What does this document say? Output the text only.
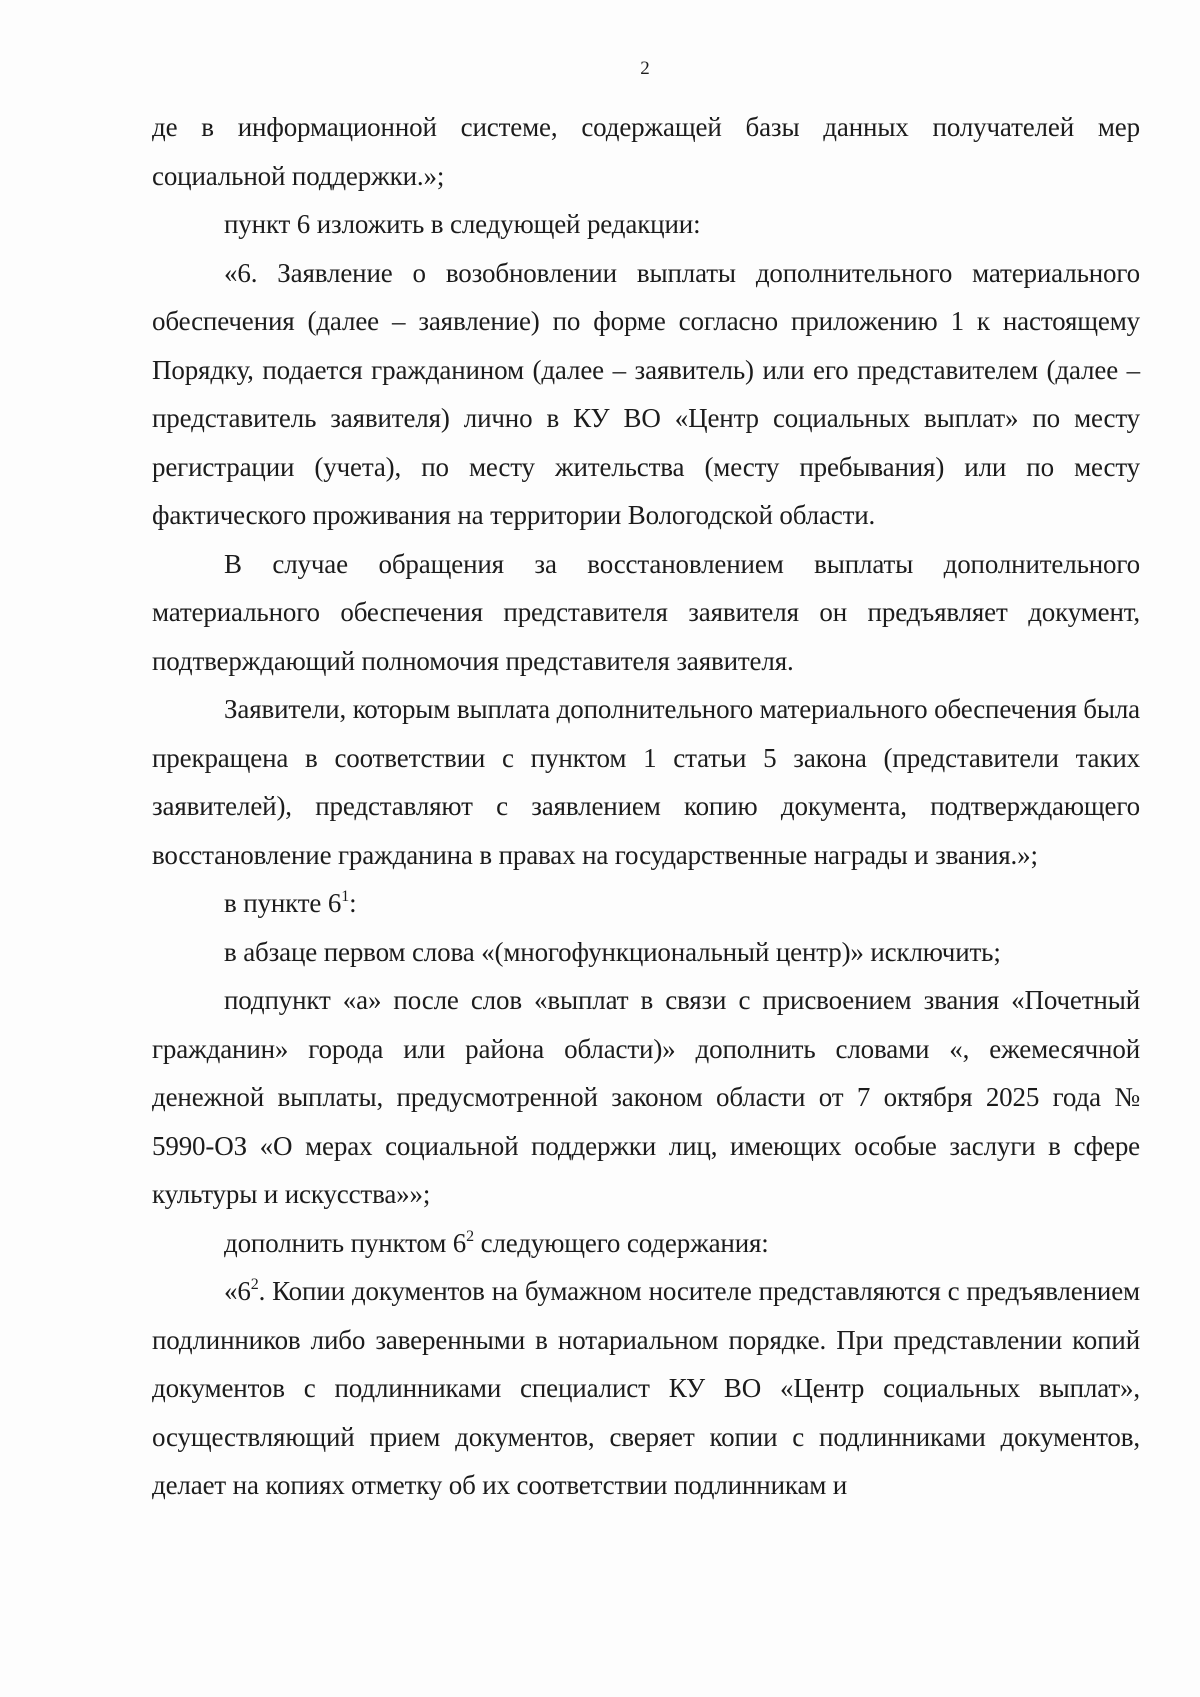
2

де в информационной системе, содержащей базы данных получателей мер социальной поддержки.»;

пункт 6 изложить в следующей редакции:

«6. Заявление о возобновлении выплаты дополнительного материального обеспечения (далее – заявление) по форме согласно приложению 1 к настоящему Порядку, подается гражданином (далее – заявитель) или его представителем (далее – представитель заявителя) лично в КУ ВО «Центр социальных выплат» по месту регистрации (учета), по месту жительства (месту пребывания) или по месту фактического проживания на территории Вологодской области.

В случае обращения за восстановлением выплаты дополнительного материального обеспечения представителя заявителя он предъявляет документ, подтверждающий полномочия представителя заявителя.

Заявители, которым выплата дополнительного материального обеспечения была прекращена в соответствии с пунктом 1 статьи 5 закона (представители таких заявителей), представляют с заявлением копию документа, подтверждающего восстановление гражданина в правах на государственные награды и звания.»;

в пункте $6^1$:

в абзаце первом слова «(многофункциональный центр)» исключить;

подпункт «а» после слов «выплат в связи с присвоением звания «Почетный гражданин» города или района области)» дополнить словами «, ежемесячной денежной выплаты, предусмотренной законом области от 7 октября 2025 года № 5990-ОЗ «О мерах социальной поддержки лиц, имеющих особые заслуги в сфере культуры и искусства»»;

дополнить пунктом $6^2$ следующего содержания:

«$6^2$. Копии документов на бумажном носителе представляются с предъявлением подлинников либо заверенными в нотариальном порядке. При представлении копий документов с подлинниками специалист КУ ВО «Центр социальных выплат», осуществляющий прием документов, сверяет копии с подлинниками документов, делает на копиях отметку об их соответствии подлинникам и
